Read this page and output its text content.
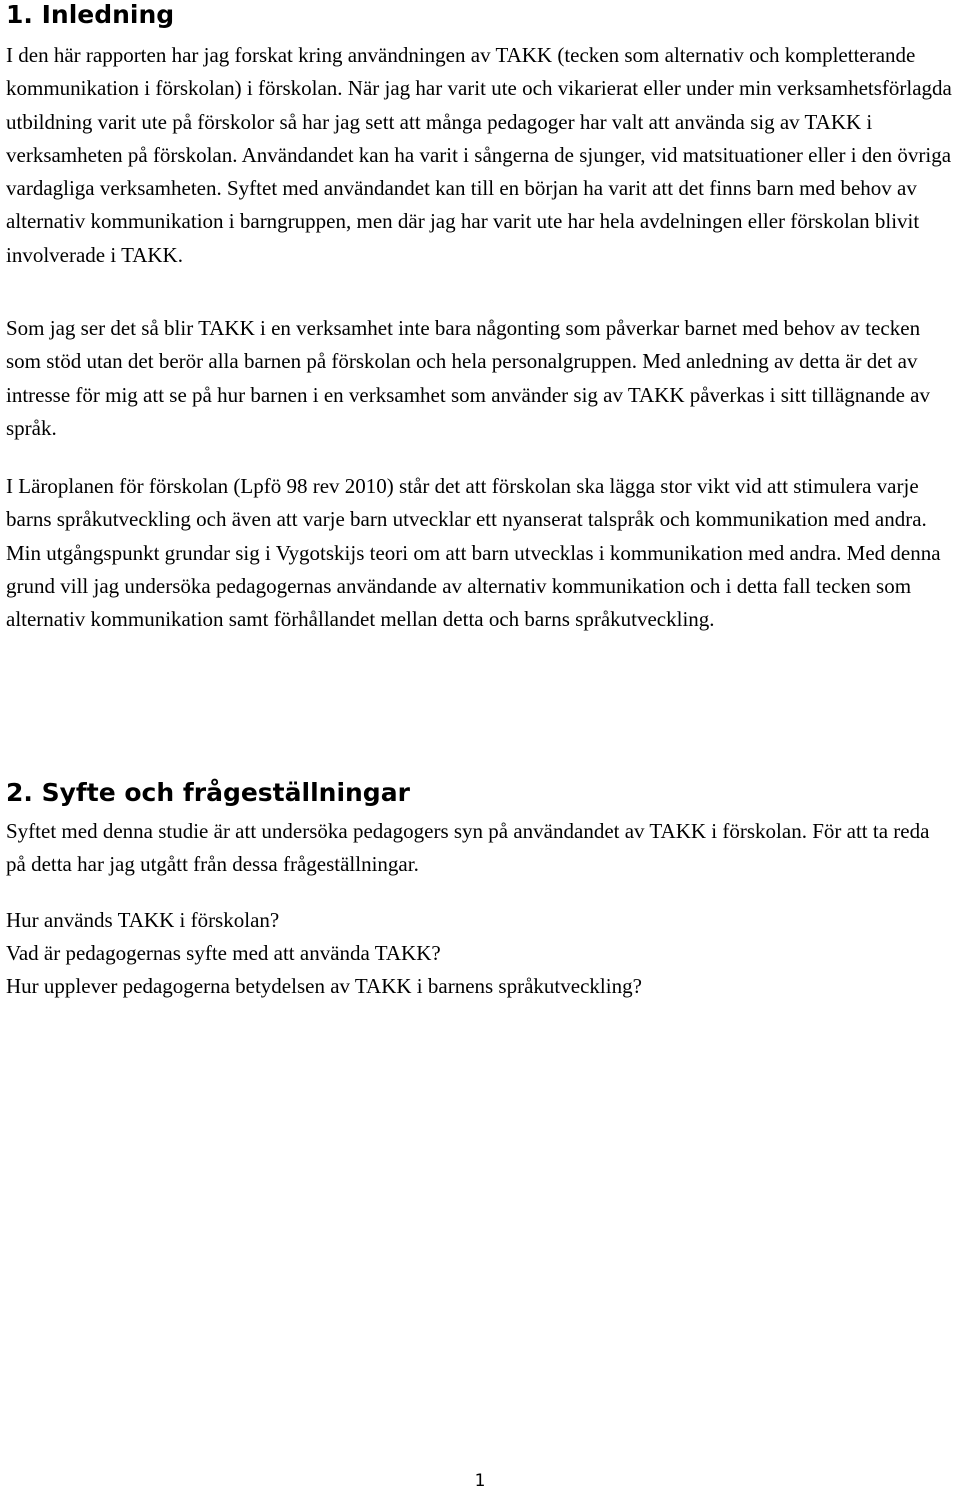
1. Inledning

I den här rapporten har jag forskat kring användningen av TAKK (tecken som alternativ och kompletterande kommunikation i förskolan) i förskolan. När jag har varit ute och vikarierat eller under min verksamhetsförlagda utbildning varit ute på förskolor så har jag sett att många pedagoger har valt att använda sig av TAKK i verksamheten på förskolan. Användandet kan ha varit i sångerna de sjunger, vid matsituationer eller i den övriga vardagliga verksamheten. Syftet med användandet kan till en början ha varit att det finns barn med behov av alternativ kommunikation i barngruppen, men där jag har varit ute har hela avdelningen eller förskolan blivit involverade i TAKK.

Som jag ser det så blir TAKK i en verksamhet inte bara någonting som påverkar barnet med behov av tecken som stöd utan det berör alla barnen på förskolan och hela personalgruppen. Med anledning av detta är det av intresse för mig att se på hur barnen i en verksamhet som använder sig av TAKK påverkas i sitt tillägnande av språk.

I Läroplanen för förskolan (Lpfö 98 rev 2010) står det att förskolan ska lägga stor vikt vid att stimulera varje barns språkutveckling och även att varje barn utvecklar ett nyanserat talspråk och kommunikation med andra. Min utgångspunkt grundar sig i Vygotskijs teori om att barn utvecklas i kommunikation med andra. Med denna grund vill jag undersöka pedagogernas användande av alternativ kommunikation och i detta fall tecken som alternativ kommunikation samt förhållandet mellan detta och barns språkutveckling.

2. Syfte och frågeställningar

Syftet med denna studie är att undersöka pedagogers syn på användandet av TAKK i förskolan. För att ta reda på detta har jag utgått från dessa frågeställningar.

Hur används TAKK i förskolan?
Vad är pedagogernas syfte med att använda TAKK?
Hur upplever pedagogerna betydelsen av TAKK i barnens språkutveckling?
1
